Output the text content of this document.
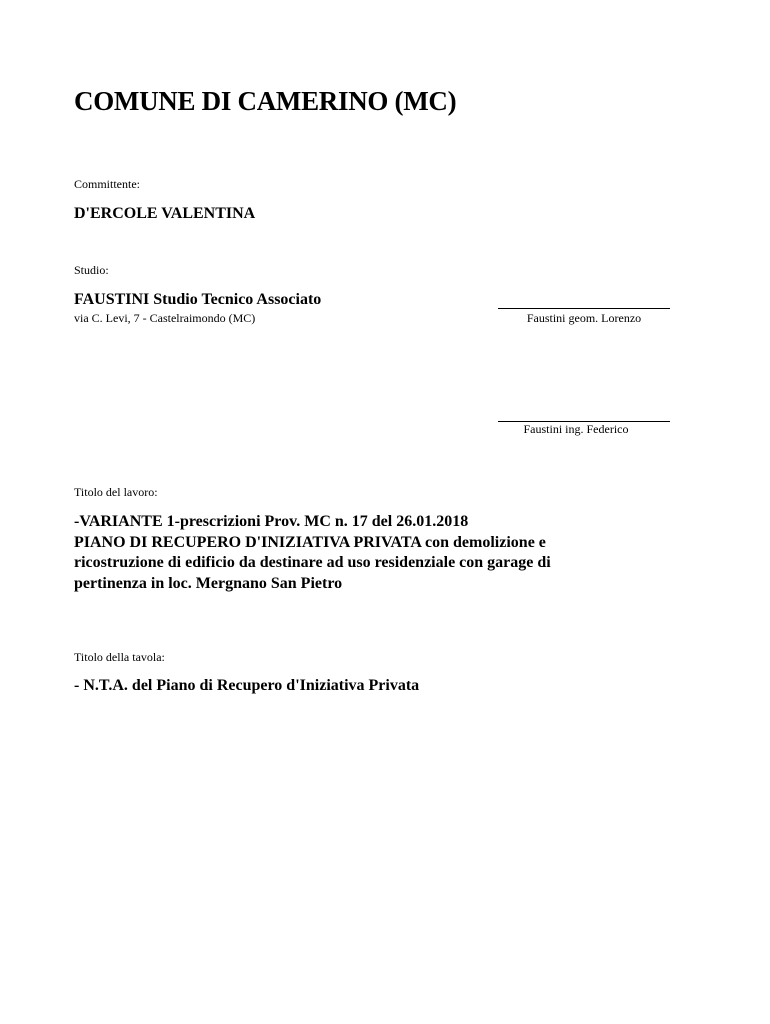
COMUNE DI CAMERINO (MC)
Committente:
D'ERCOLE VALENTINA
Studio:
FAUSTINI Studio Tecnico Associato
via C. Levi, 7 - Castelraimondo (MC)	Faustini geom. Lorenzo
Faustini ing. Federico
Titolo del lavoro:
-VARIANTE 1-prescrizioni Prov. MC n. 17 del 26.01.2018
PIANO DI RECUPERO D'INIZIATIVA PRIVATA con demolizione e
ricostruzione di edificio da destinare ad uso residenziale con garage di
pertinenza in loc. Mergnano San Pietro
Titolo della tavola:
- N.T.A. del Piano di Recupero d'Iniziativa Privata
